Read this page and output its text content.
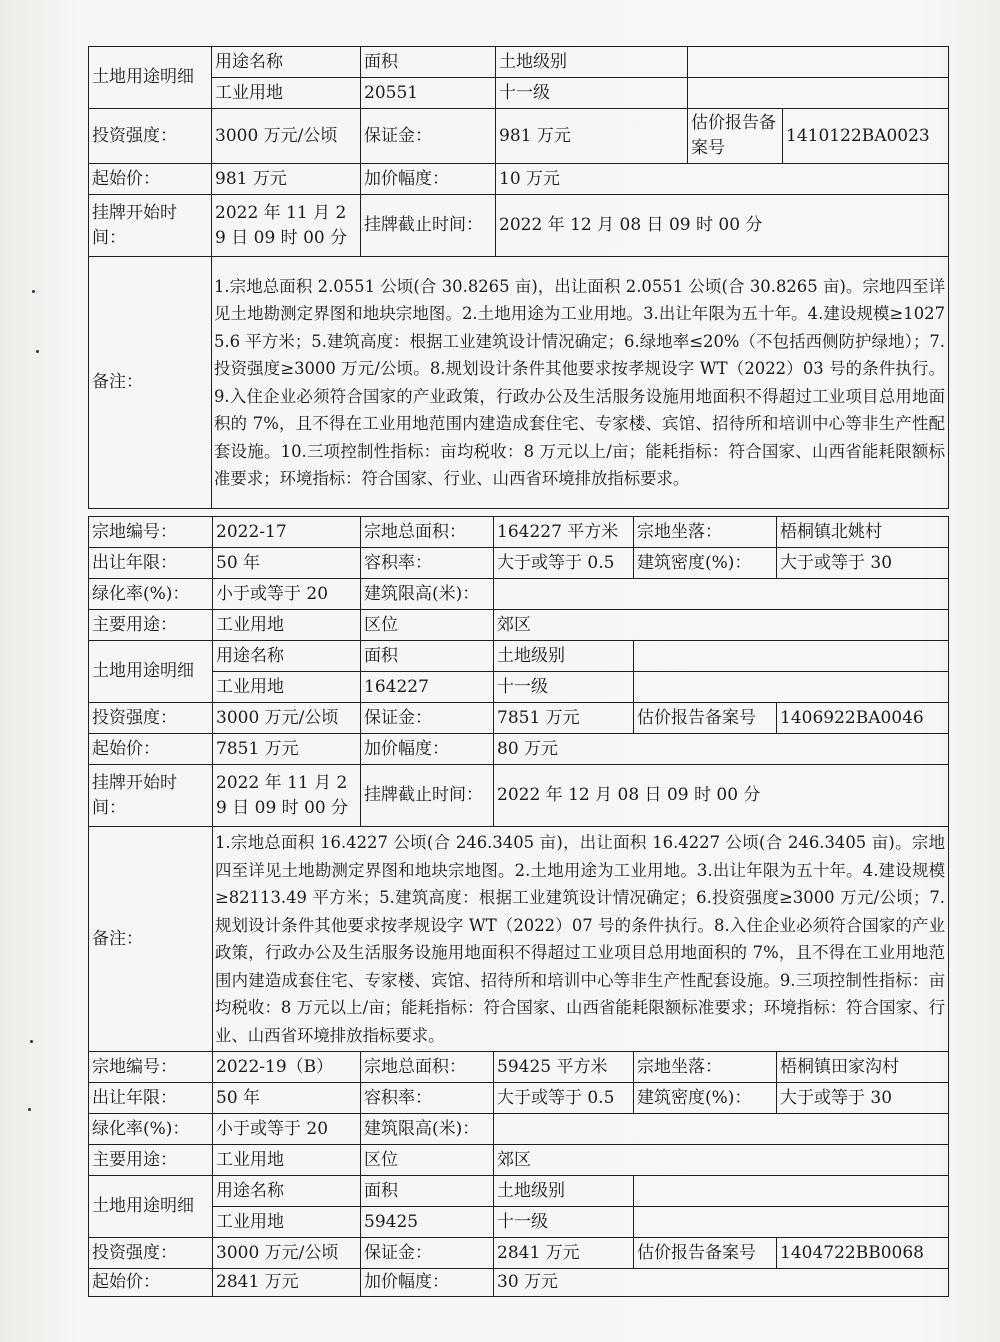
土地用途明细	用途名称	面积	土地级别		
	工业用地	20551	十一级		
投资强度：	3000 万元/公顷	保证金：	981 万元	估价报告备案号	1410122BA0023
起始价：	981 万元	加价幅度：	10 万元		
挂牌开始时间：	2022 年 11 月 29 日 09 时 00 分	挂牌截止时间：	2022 年 12 月 08 日 09 时 00 分		
备注：	1.宗地总面积 2.0551 公顷(合 30.8265 亩)，出让面积 2.0551 公顷(合 30.8265 亩)。宗地四至详见土地勘测定界图和地块宗地图。2.土地用途为工业用地。3.出让年限为五十年。4.建设规模≥10275.6 平方米；5.建筑高度：根据工业建筑设计情况确定；6.绿地率≤20%（不包括西侧防护绿地）；7.投资强度≥3000 万元/公顷。8.规划设计条件其他要求按孝规设字 WT（2022）03 号的条件执行。9.入住企业必须符合国家的产业政策，行政办公及生活服务设施用地面积不得超过工业项目总用地面积的 7%，且不得在工业用地范围内建造成套住宅、专家楼、宾馆、招待所和培训中心等非生产性配套设施。10.三项控制性指标：亩均税收：8 万元以上/亩；能耗指标：符合国家、山西省能耗限额标准要求；环境指标：符合国家、行业、山西省环境排放指标要求。				
宗地编号：	2022-17	宗地总面积：	164227 平方米	宗地坐落：	梧桐镇北姚村
出让年限：	50 年	容积率：	大于或等于 0.5	建筑密度(%)：	大于或等于 30
绿化率(%)：	小于或等于 20	建筑限高(米)：			
主要用途：	工业用地	区位	郊区		
土地用途明细	用途名称	面积	土地级别		
	工业用地	164227	十一级		
投资强度：	3000 万元/公顷	保证金：	7851 万元	估价报告备案号	1406922BA0046
起始价：	7851 万元	加价幅度：	80 万元		
挂牌开始时间：	2022 年 11 月 29 日 09 时 00 分	挂牌截止时间：	2022 年 12 月 08 日 09 时 00 分		
备注：	1.宗地总面积 16.4227 公顷(合 246.3405 亩)，出让面积 16.4227 公顷(合 246.3405 亩)。宗地四至详见土地勘测定界图和地块宗地图。2.土地用途为工业用地。3.出让年限为五十年。4.建设规模≥82113.49 平方米；5.建筑高度：根据工业建筑设计情况确定；6.投资强度≥3000 万元/公顷；7.规划设计条件其他要求按孝规设字 WT（2022）07 号的条件执行。8.入住企业必须符合国家的产业政策，行政办公及生活服务设施用地面积不得超过工业项目总用地面积的 7%，且不得在工业用地范围内建造成套住宅、专家楼、宾馆、招待所和培训中心等非生产性配套设施。9.三项控制性指标：亩均税收：8 万元以上/亩；能耗指标：符合国家、山西省能耗限额标准要求；环境指标：符合国家、行业、山西省环境排放指标要求。				
宗地编号：	2022-19（B）	宗地总面积：	59425 平方米	宗地坐落：	梧桐镇田家沟村
出让年限：	50 年	容积率：	大于或等于 0.5	建筑密度(%)：	大于或等于 30
绿化率(%)：	小于或等于 20	建筑限高(米)：			
主要用途：	工业用地	区位	郊区		
土地用途明细	用途名称	面积	土地级别		
	工业用地	59425	十一级		
投资强度：	3000 万元/公顷	保证金：	2841 万元	估价报告备案号	1404722BB0068
起始价：	2841 万元	加价幅度：	30 万元		
